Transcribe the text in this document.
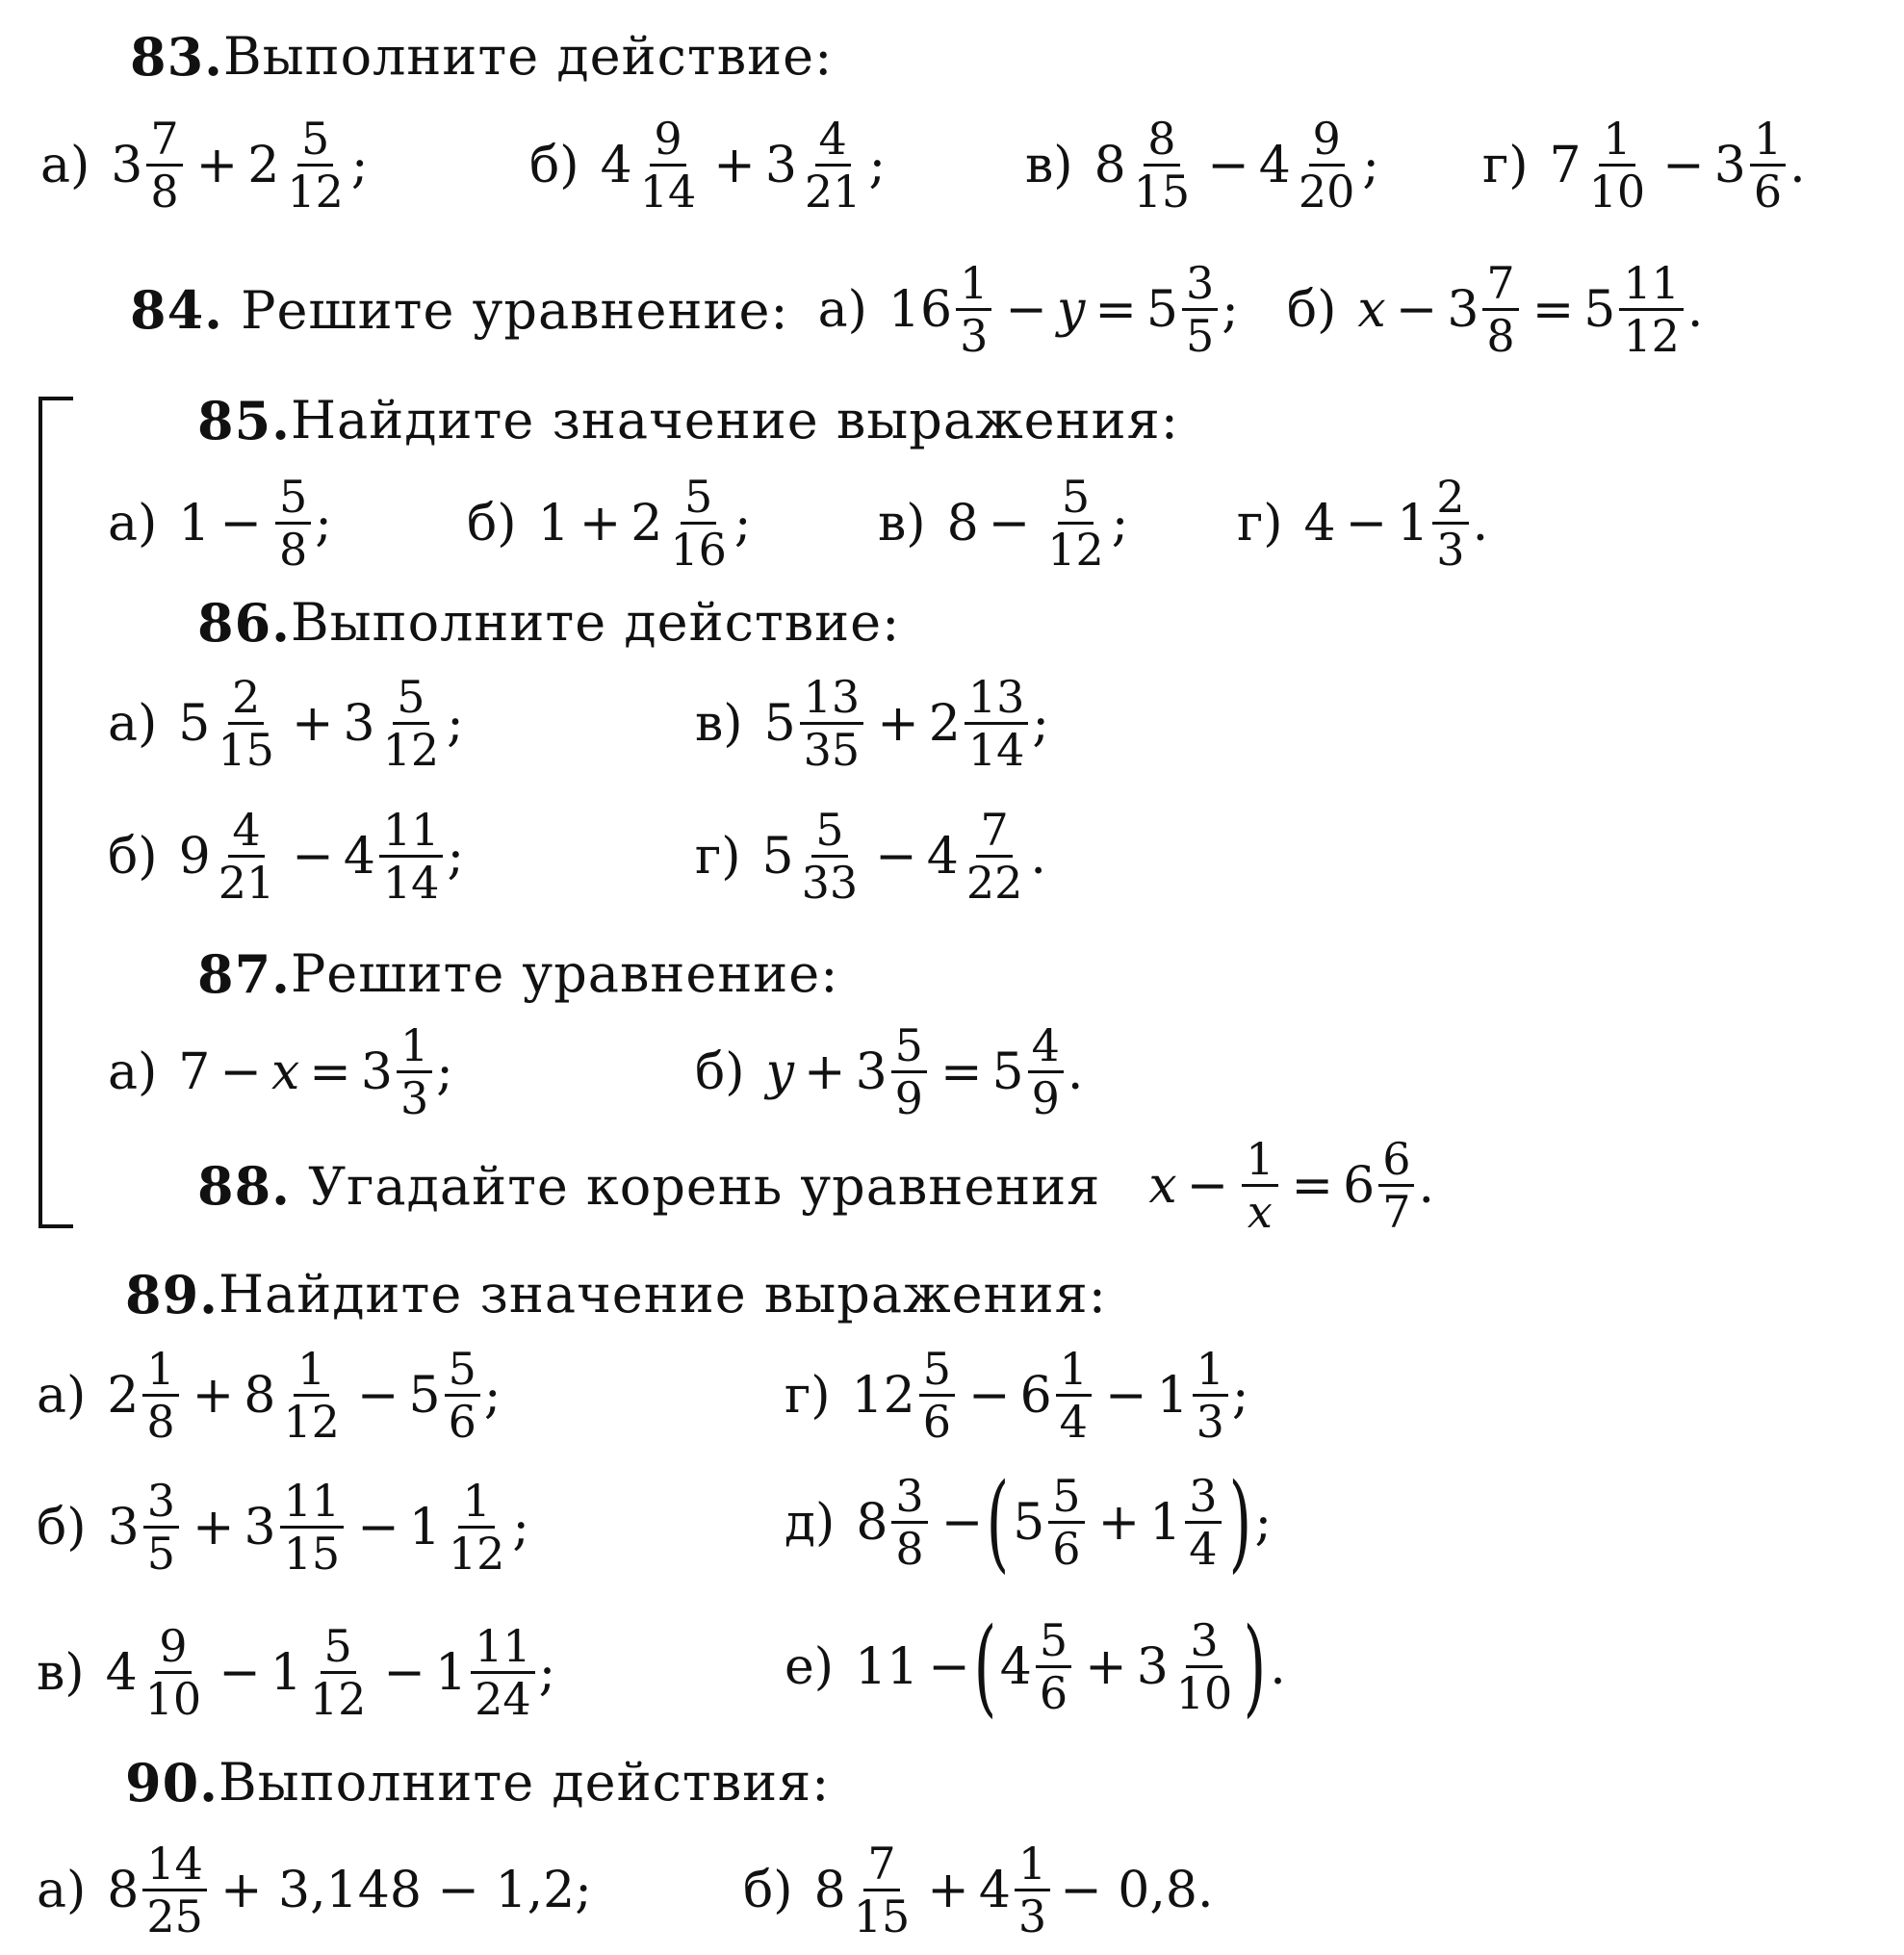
83. Выполните действие:
а) $3 \frac{7}{8} + 2 \frac{5}{12}$ ;	б) $4 \frac{9}{14} + 3 \frac{4}{21}$ ;	в) $8 \frac{8}{15} - 4 \frac{9}{20}$ ; г) $7 \frac{1}{10} - 3 \frac{1}{6}$ .
84. Решите уравнение: а) $16 \frac{1}{3} - y = 5 \frac{3}{5}$ ; б) $x - 3 \frac{7}{8} = 5 \frac{11}{12}$ .
85. Найдите значение выражения:
а) $1 - \frac{5}{8}$ ;	б) $1 + 2 \frac{5}{16}$ ;	в) $8 - \frac{5}{12}$ ; г) $4 - 1 \frac{2}{3}$ .
86. Выполните действие:
а) $5 \frac{2}{15} + 3 \frac{5}{12}$ ;	в) $5 \frac{13}{35} + 2 \frac{13}{14}$ ;
б) $9 \frac{4}{21} - 4 \frac{11}{14}$ ;	г) $5 \frac{5}{33} - 4 \frac{7}{22}$ .
87. Решите уравнение:
а) $7 - x = 3 \frac{1}{3}$ ;	б) $y + 3 \frac{5}{9} = 5 \frac{4}{9}$ .
88. Угадайте корень уравнения $x - \frac{1}{x} = 6 \frac{6}{7}$ .
89. Найдите значение выражения:
а) $2 \frac{1}{8} + 8 \frac{1}{12} - 5 \frac{5}{6}$ ;	г) $12 \frac{5}{6} - 6 \frac{1}{4} - 1 \frac{1}{3}$ ;
б) $3 \frac{3}{5} + 3 \frac{11}{15} - 1 \frac{1}{12}$ ;	д) $8 \frac{3}{8}$ − ( $5 \frac{5}{6} + 1 \frac{3}{4}$ ) ;
в) $4 \frac{9}{10} - 1 \frac{5}{12} - 1 \frac{11}{24}$ ;	е) 11 − ( $4 \frac{5}{6} + 3 \frac{3}{10}$ ) .
90. Выполните действия:
а) $8 \frac{14}{25} + 3,148 - 1,2$ ;	б) $8 \frac{7}{15} + 4 \frac{1}{3} - 0,8$ .
